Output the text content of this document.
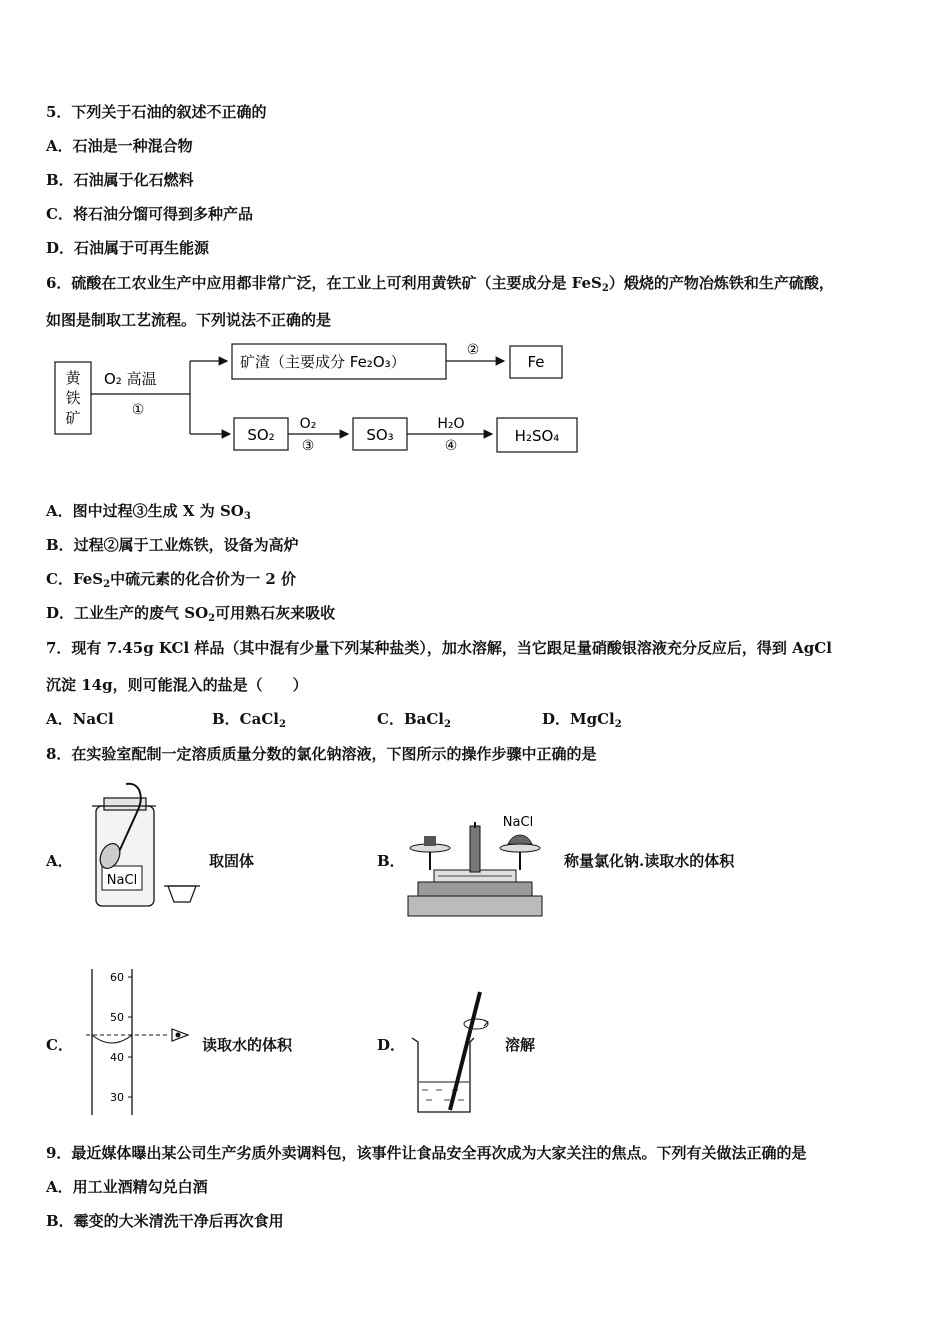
5．下列关于石油的叙述不正确的
A．石油是一种混合物
B．石油属于化石燃料
C．将石油分馏可得到多种产品
D．石油属于可再生能源
6．硫酸在工农业生产中应用都非常广泛，在工业上可利用黄铁矿（主要成分是 FeS$_2$）煅烧的产物冶炼铁和生产硫酸，
如图是制取工艺流程。下列说法不正确的是
黄
铁
矿
O₂ 高温
①
矿渣（主要成分 Fe₂O₃）
②
Fe
SO₂
O₂
③
SO₃
H₂O
④
H₂SO₄
A．图中过程③生成 X 为 $SO_3$
B．过程②属于工业炼铁，设备为高炉
C．FeS$_2$中硫元素的化合价为一 2 价
D．工业生产的废气 $SO_2$可用熟石灰来吸收
7．现有 7.45g KCl 样品（其中混有少量下列某种盐类），加水溶解，当它跟足量硝酸银溶液充分反应后，得到 AgCl
沉淀 14g，则可能混入的盐是（　　）
A．NaCl	B．CaCl$_2$	C．BaCl$_2$	D．MgCl$_2$
8．在实验室配制一定溶质质量分数的氯化钠溶液，下图所示的操作步骤中正确的是
A．
NaCl
取固体	B．
NaCl
称量氯化钠.读取水的体积
C．
60
50
40
30
读取水的体积	D．	溶解
9．最近媒体曝出某公司生产劣质外卖调料包，该事件让食品安全再次成为大家关注的焦点。下列有关做法正确的是
A．用工业酒精勾兑白酒
B．霉变的大米清洗干净后再次食用
